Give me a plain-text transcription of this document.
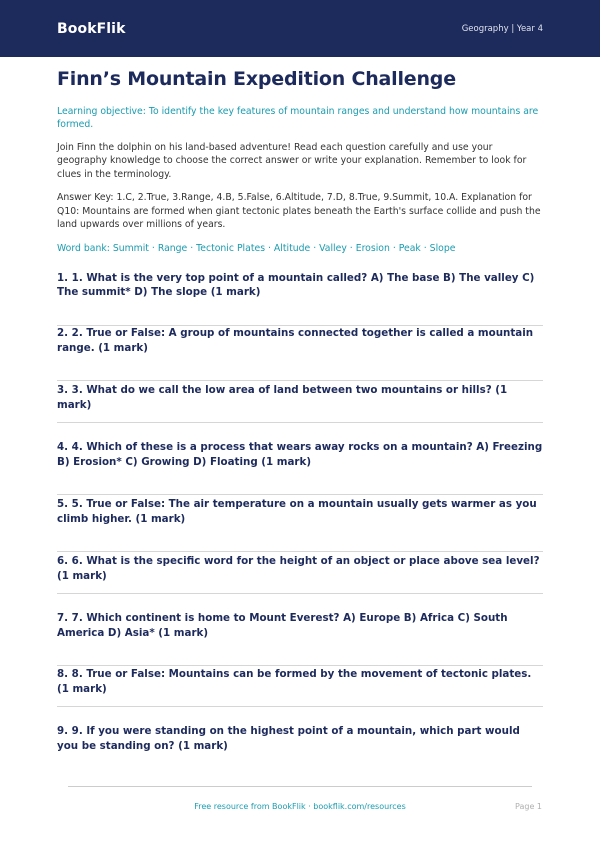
BookFlik	Geography | Year 4
Finn’s Mountain Expedition Challenge

Learning objective: To identify the key features of mountain ranges and understand how mountains are formed.

Join Finn the dolphin on his land-based adventure! Read each question carefully and use your geography knowledge to choose the correct answer or write your explanation. Remember to look for clues in the terminology.

Answer Key: 1.C, 2.True, 3.Range, 4.B, 5.False, 6.Altitude, 7.D, 8.True, 9.Summit, 10.A. Explanation for Q10: Mountains are formed when giant tectonic plates beneath the Earth's surface collide and push the land upwards over millions of years.

Word bank: Summit · Range · Tectonic Plates · Altitude · Valley · Erosion · Peak · Slope

1. 1. What is the very top point of a mountain called? A) The base B) The valley C) The summit* D) The slope (1 mark)
2. 2. True or False: A group of mountains connected together is called a mountain range. (1 mark)
3. 3. What do we call the low area of land between two mountains or hills? (1 mark)
4. 4. Which of these is a process that wears away rocks on a mountain? A) Freezing B) Erosion* C) Growing D) Floating (1 mark)
5. 5. True or False: The air temperature on a mountain usually gets warmer as you climb higher. (1 mark)
6. 6. What is the specific word for the height of an object or place above sea level? (1 mark)
7. 7. Which continent is home to Mount Everest? A) Europe B) Africa C) South America D) Asia* (1 mark)
8. 8. True or False: Mountains can be formed by the movement of tectonic plates. (1 mark)
9. 9. If you were standing on the highest point of a mountain, which part would you be standing on? (1 mark)
Free resource from BookFlik · bookflik.com/resources	Page 1
